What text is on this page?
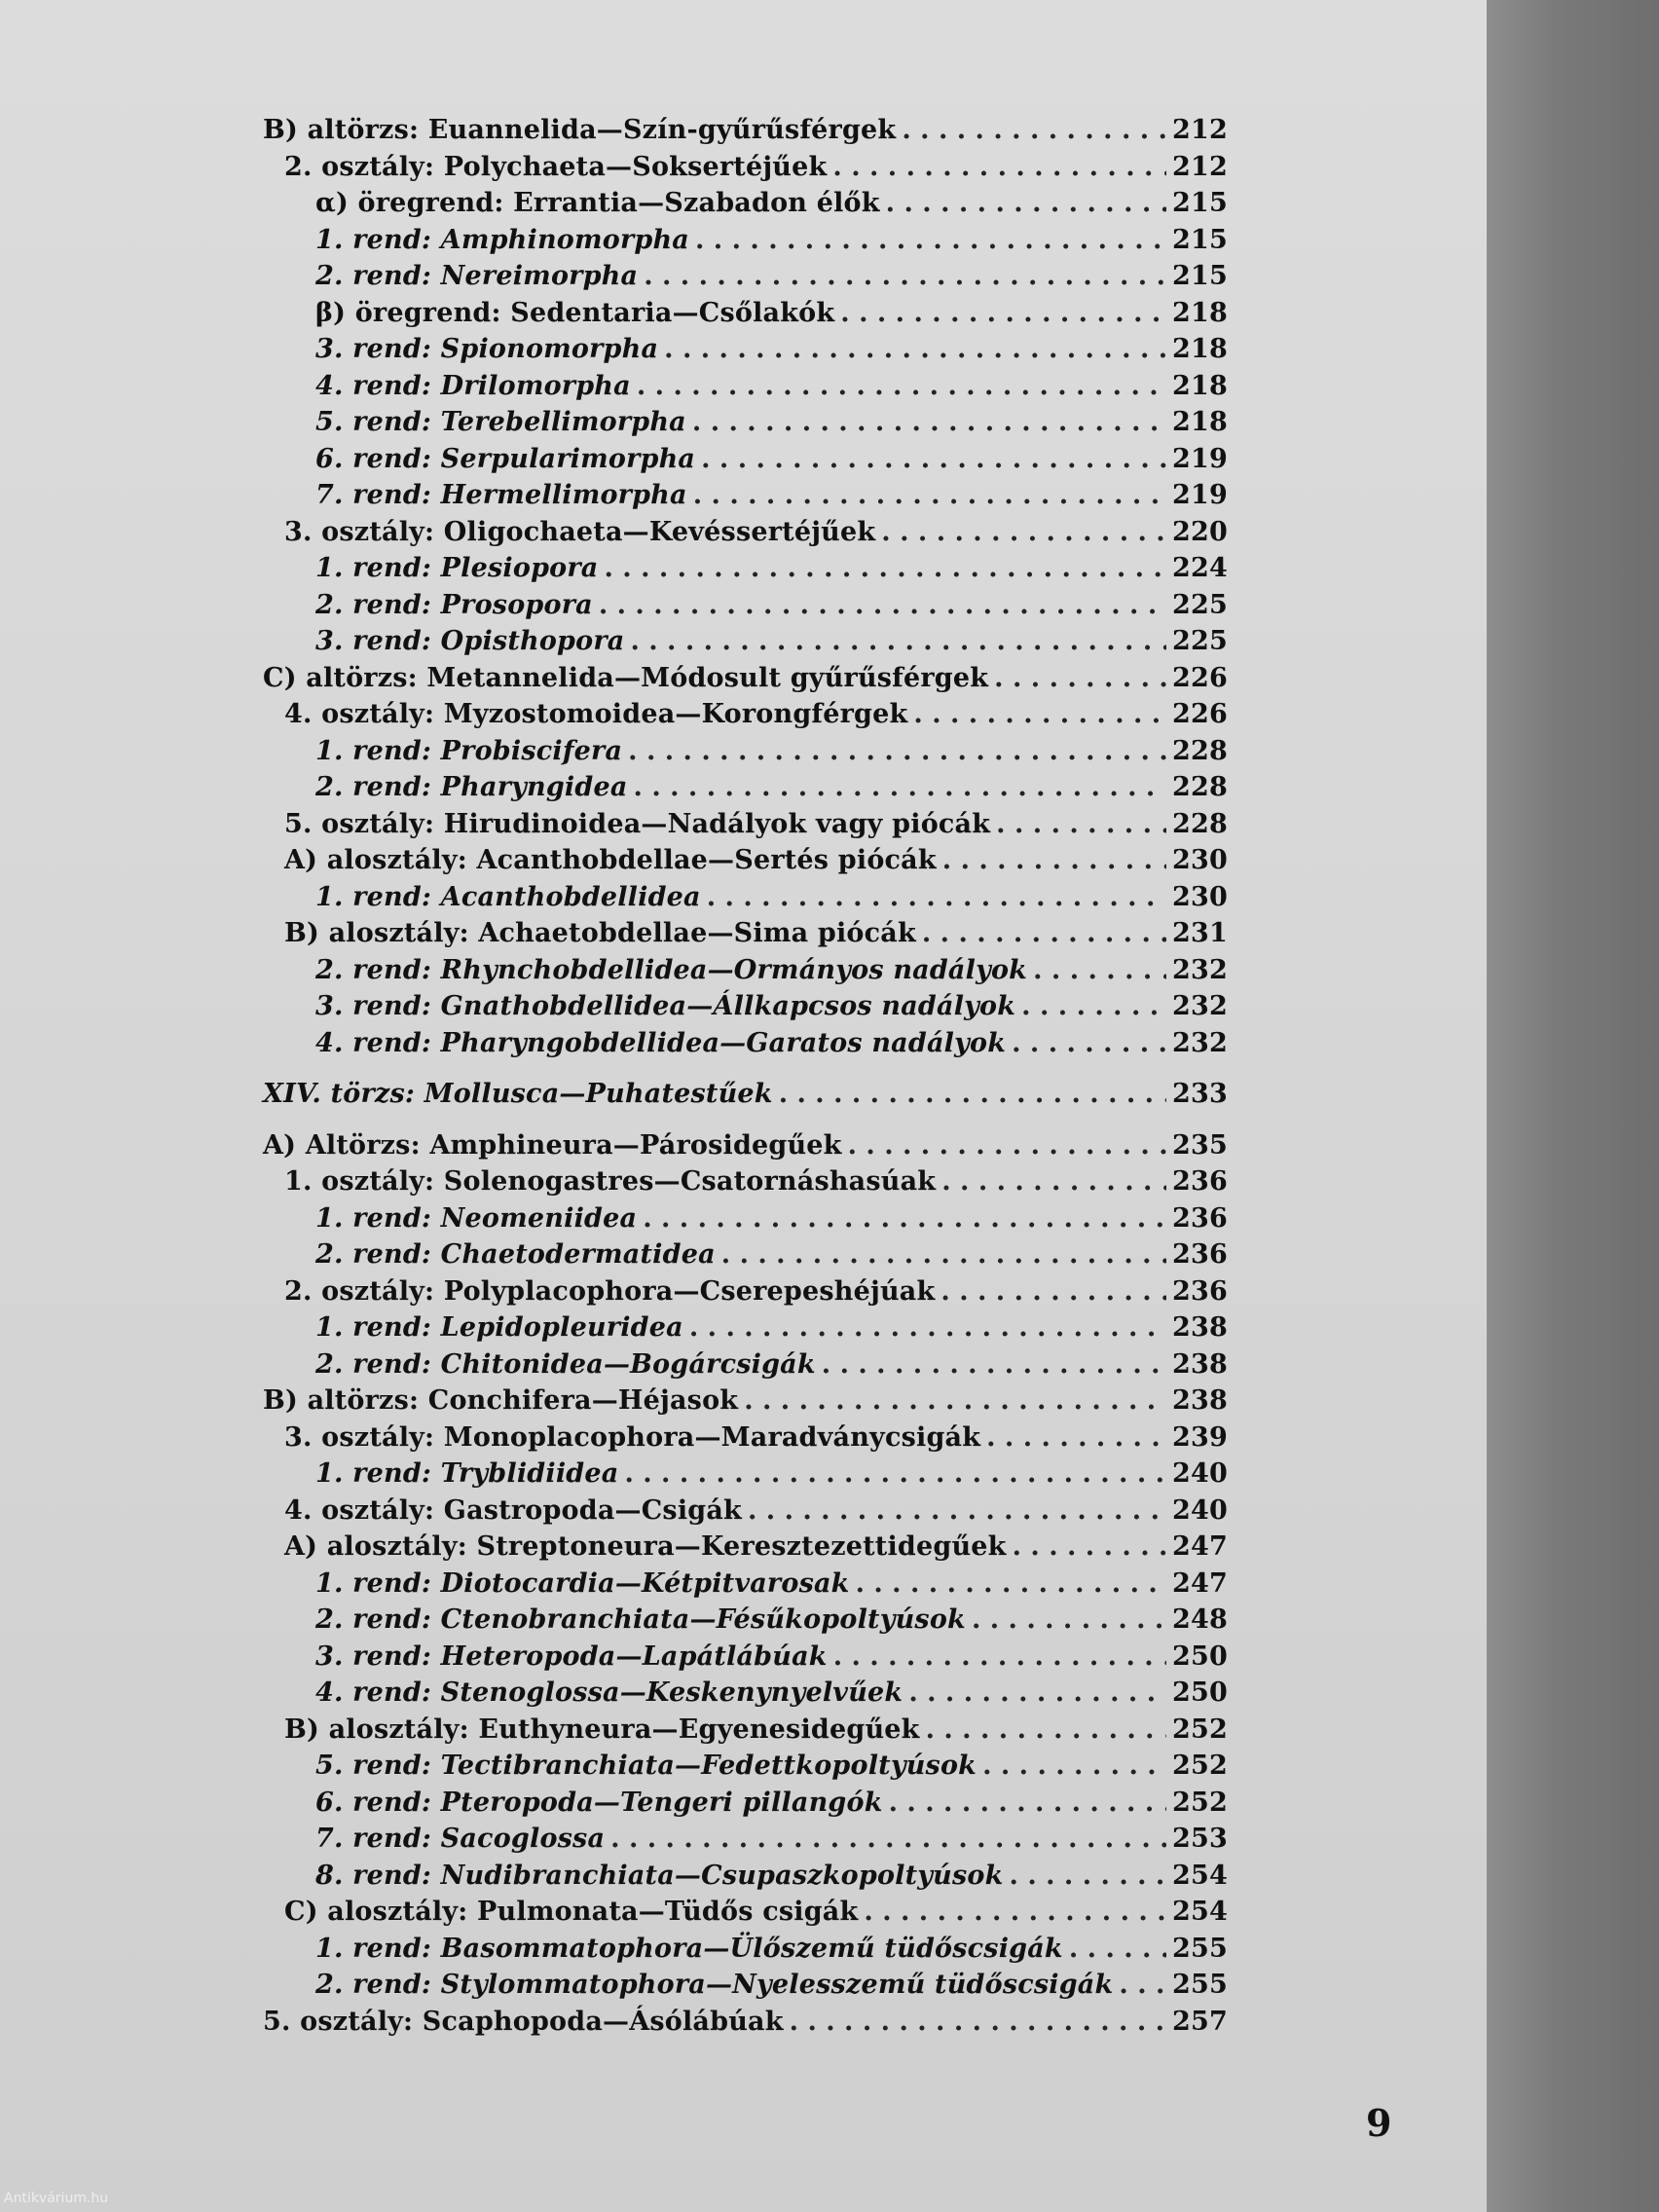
B) altörzs: Euannelida—Szín-gyűrűsférgek . . .	212
2. osztály: Polychaeta—Soksertéjűek . . .	212
α) öregrend: Errantia—Szabadon élők . . .	215
1. rend: Amphinomorpha . . .	215
2. rend: Nereimorpha . . .	215
β) öregrend: Sedentaria—Csőlakók . . .	218
3. rend: Spionomorpha . . .	218
4. rend: Drilomorpha . . .	218
5. rend: Terebellimorpha . . .	218
6. rend: Serpularimorpha . . .	219
7. rend: Hermellimorpha . . .	219
3. osztály: Oligochaeta—Kevéssertéjűek . . .	220
1. rend: Plesiopora . . .	224
2. rend: Prosopora . . .	225
3. rend: Opisthopora . . .	225
C) altörzs: Metannelida—Módosult gyűrűsférgek . . .	226
4. osztály: Myzostomoidea—Korongférgek . . .	226
1. rend: Probiscifera . . .	228
2. rend: Pharyngidea . . .	228
5. osztály: Hirudinoidea—Nadályok vagy piócák . . .	228
A) alosztály: Acanthobdellae—Sertés piócák . . .	230
1. rend: Acanthobdellidea . . .	230
B) alosztály: Achaetobdellae—Sima piócák . . .	231
2. rend: Rhynchobdellidea—Ormányos nadályok . . .	232
3. rend: Gnathobdellidea—Állkapcsos nadályok . . .	232
4. rend: Pharyngobdellidea—Garatos nadályok . . .	232
XIV. törzs: Mollusca—Puhatestűek . . .	233
A) Altörzs: Amphineura—Párosidegűek . . .	235
1. osztály: Solenogastres—Csatornáshasúak . . .	236
1. rend: Neomeniidea . . .	236
2. rend: Chaetodermatidea . . .	236
2. osztály: Polyplacophora—Cserepeshéjúak . . .	236
1. rend: Lepidopleuridea . . .	238
2. rend: Chitonidea—Bogárcsigák . . .	238
B) altörzs: Conchifera—Héjasok . . .	238
3. osztály: Monoplacophora—Maradványcsigák . . .	239
1. rend: Tryblidiidea . . .	240
4. osztály: Gastropoda—Csigák . . .	240
A) alosztály: Streptoneura—Keresztezettidegűek . . .	247
1. rend: Diotocardia—Kétpitvarosak . . .	247
2. rend: Ctenobranchiata—Fésűkopoltyúsok . . .	248
3. rend: Heteropoda—Lapátlábúak . . .	250
4. rend: Stenoglossa—Keskenynyelvűek . . .	250
B) alosztály: Euthyneura—Egyenesidegűek . . .	252
5. rend: Tectibranchiata—Fedettkopoltyúsok . . .	252
6. rend: Pteropoda—Tengeri pillangók . . .	252
7. rend: Sacoglossa . . .	253
8. rend: Nudibranchiata—Csupaszkopoltyúsok . . .	254
C) alosztály: Pulmonata—Tüdős csigák . . .	254
1. rend: Basommatophora—Ülőszemű tüdőscsigák . . .	255
2. rend: Stylommatophora—Nyelesszemű tüdőscsigák . . . 255
5. osztály: Scaphopoda—Ásólábúak . . .	257
9
Antikvárium.hu
